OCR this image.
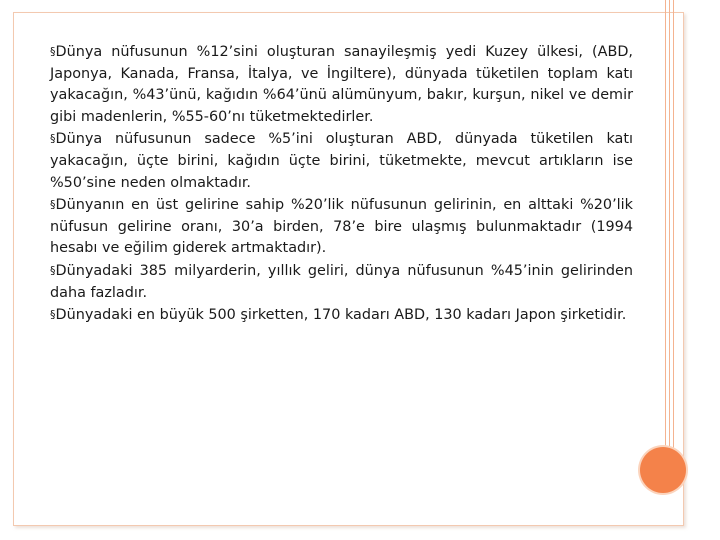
§Dünya nüfusunun %12’sini oluşturan sanayileşmiş yedi Kuzey ülkesi, (ABD, Japonya, Kanada, Fransa, İtalya, ve İngiltere), dünyada tüketilen toplam katı yakacağın, %43’ünü, kağıdın %64’ünü alümünyum, bakır, kurşun, nikel ve demir gibi madenlerin, %55-60’nı tüketmektedirler.
§Dünya nüfusunun sadece %5’ini oluşturan ABD, dünyada tüketilen katı yakacağın, üçte birini, kağıdın üçte birini, tüketmekte, mevcut artıkların ise %50’sine neden olmaktadır.
§Dünyanın en üst gelirine sahip %20’lik nüfusunun gelirinin, en alttaki %20’lik nüfusun gelirine oranı, 30’a birden, 78’e bire ulaşmış bulunmaktadır (1994 hesabı ve eğilim giderek artmaktadır).
§Dünyadaki 385 milyarderin, yıllık geliri, dünya nüfusunun %45’inin gelirinden daha fazladır.
§Dünyadaki en büyük 500 şirketten, 170 kadarı ABD, 130 kadarı Japon şirketidir.
